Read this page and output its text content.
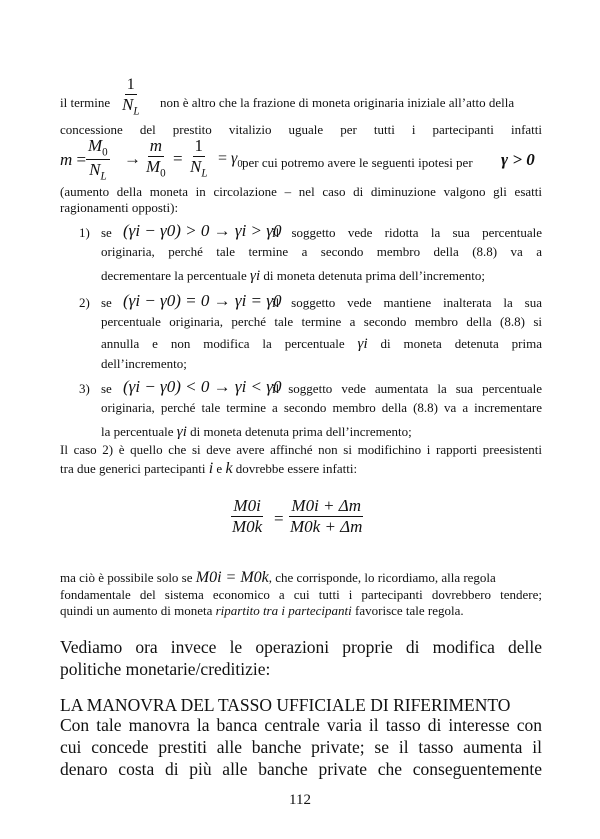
il termine $\frac{1}{N_L}$ non è altro che la frazione di moneta originaria iniziale all’atto della
concessione del prestito vitalizio uguale per tutti i partecipanti infatti
$m = \frac{M_0}{N_L} \to \frac{m}{M_0} = \frac{1}{N_L} = \gamma_0$ per cui potremo avere le seguenti ipotesi per γ > 0
(aumento della moneta in circolazione – nel caso di diminuzione valgono gli esatti
ragionamenti opposti):
1) se (γi − γ0) > 0 → γi > γ0
il soggetto vede ridotta la sua percentuale
originaria, perché tale termine a secondo membro della (8.8) va a
decrementare la percentuale γi di moneta detenuta prima dell’incremento;
2) se (γi − γ0) = 0 → γi = γ0
il soggetto vede mantiene inalterata la sua
percentuale originaria, perché tale termine a secondo membro della (8.8) si
annulla e non modifica la percentuale γi di moneta detenuta prima
dell’incremento;
3) se (γi − γ0) < 0 → γi < γ0
il soggetto vede aumentata la sua percentuale
originaria, perché tale termine a secondo membro della (8.8) va a incrementare
la percentuale γi di moneta detenuta prima dell’incremento;
Il caso 2) è quello che si deve avere affinché non si modifichino i rapporti preesistenti
tra due generici partecipanti i e k dovrebbe essere infatti:
$\frac{M0i}{M0k} = \frac{M0i + \Delta m}{M0k + \Delta m}$
ma ciò è possibile solo se M0i = M0k, che corrisponde, lo ricordiamo, alla regola
fondamentale del sistema economico a cui tutti i partecipanti dovrebbero tendere;
quindi un aumento di moneta ripartito tra i partecipanti favorisce tale regola.
Vediamo ora invece le operazioni proprie di modifica delle
politiche monetarie/creditizie:
LA MANOVRA DEL TASSO UFFICIALE DI RIFERIMENTO
Con tale manovra la banca centrale varia il tasso di interesse con
cui concede prestiti alle banche private; se il tasso aumenta il
denaro costa di più alle banche private che conseguentemente
112
